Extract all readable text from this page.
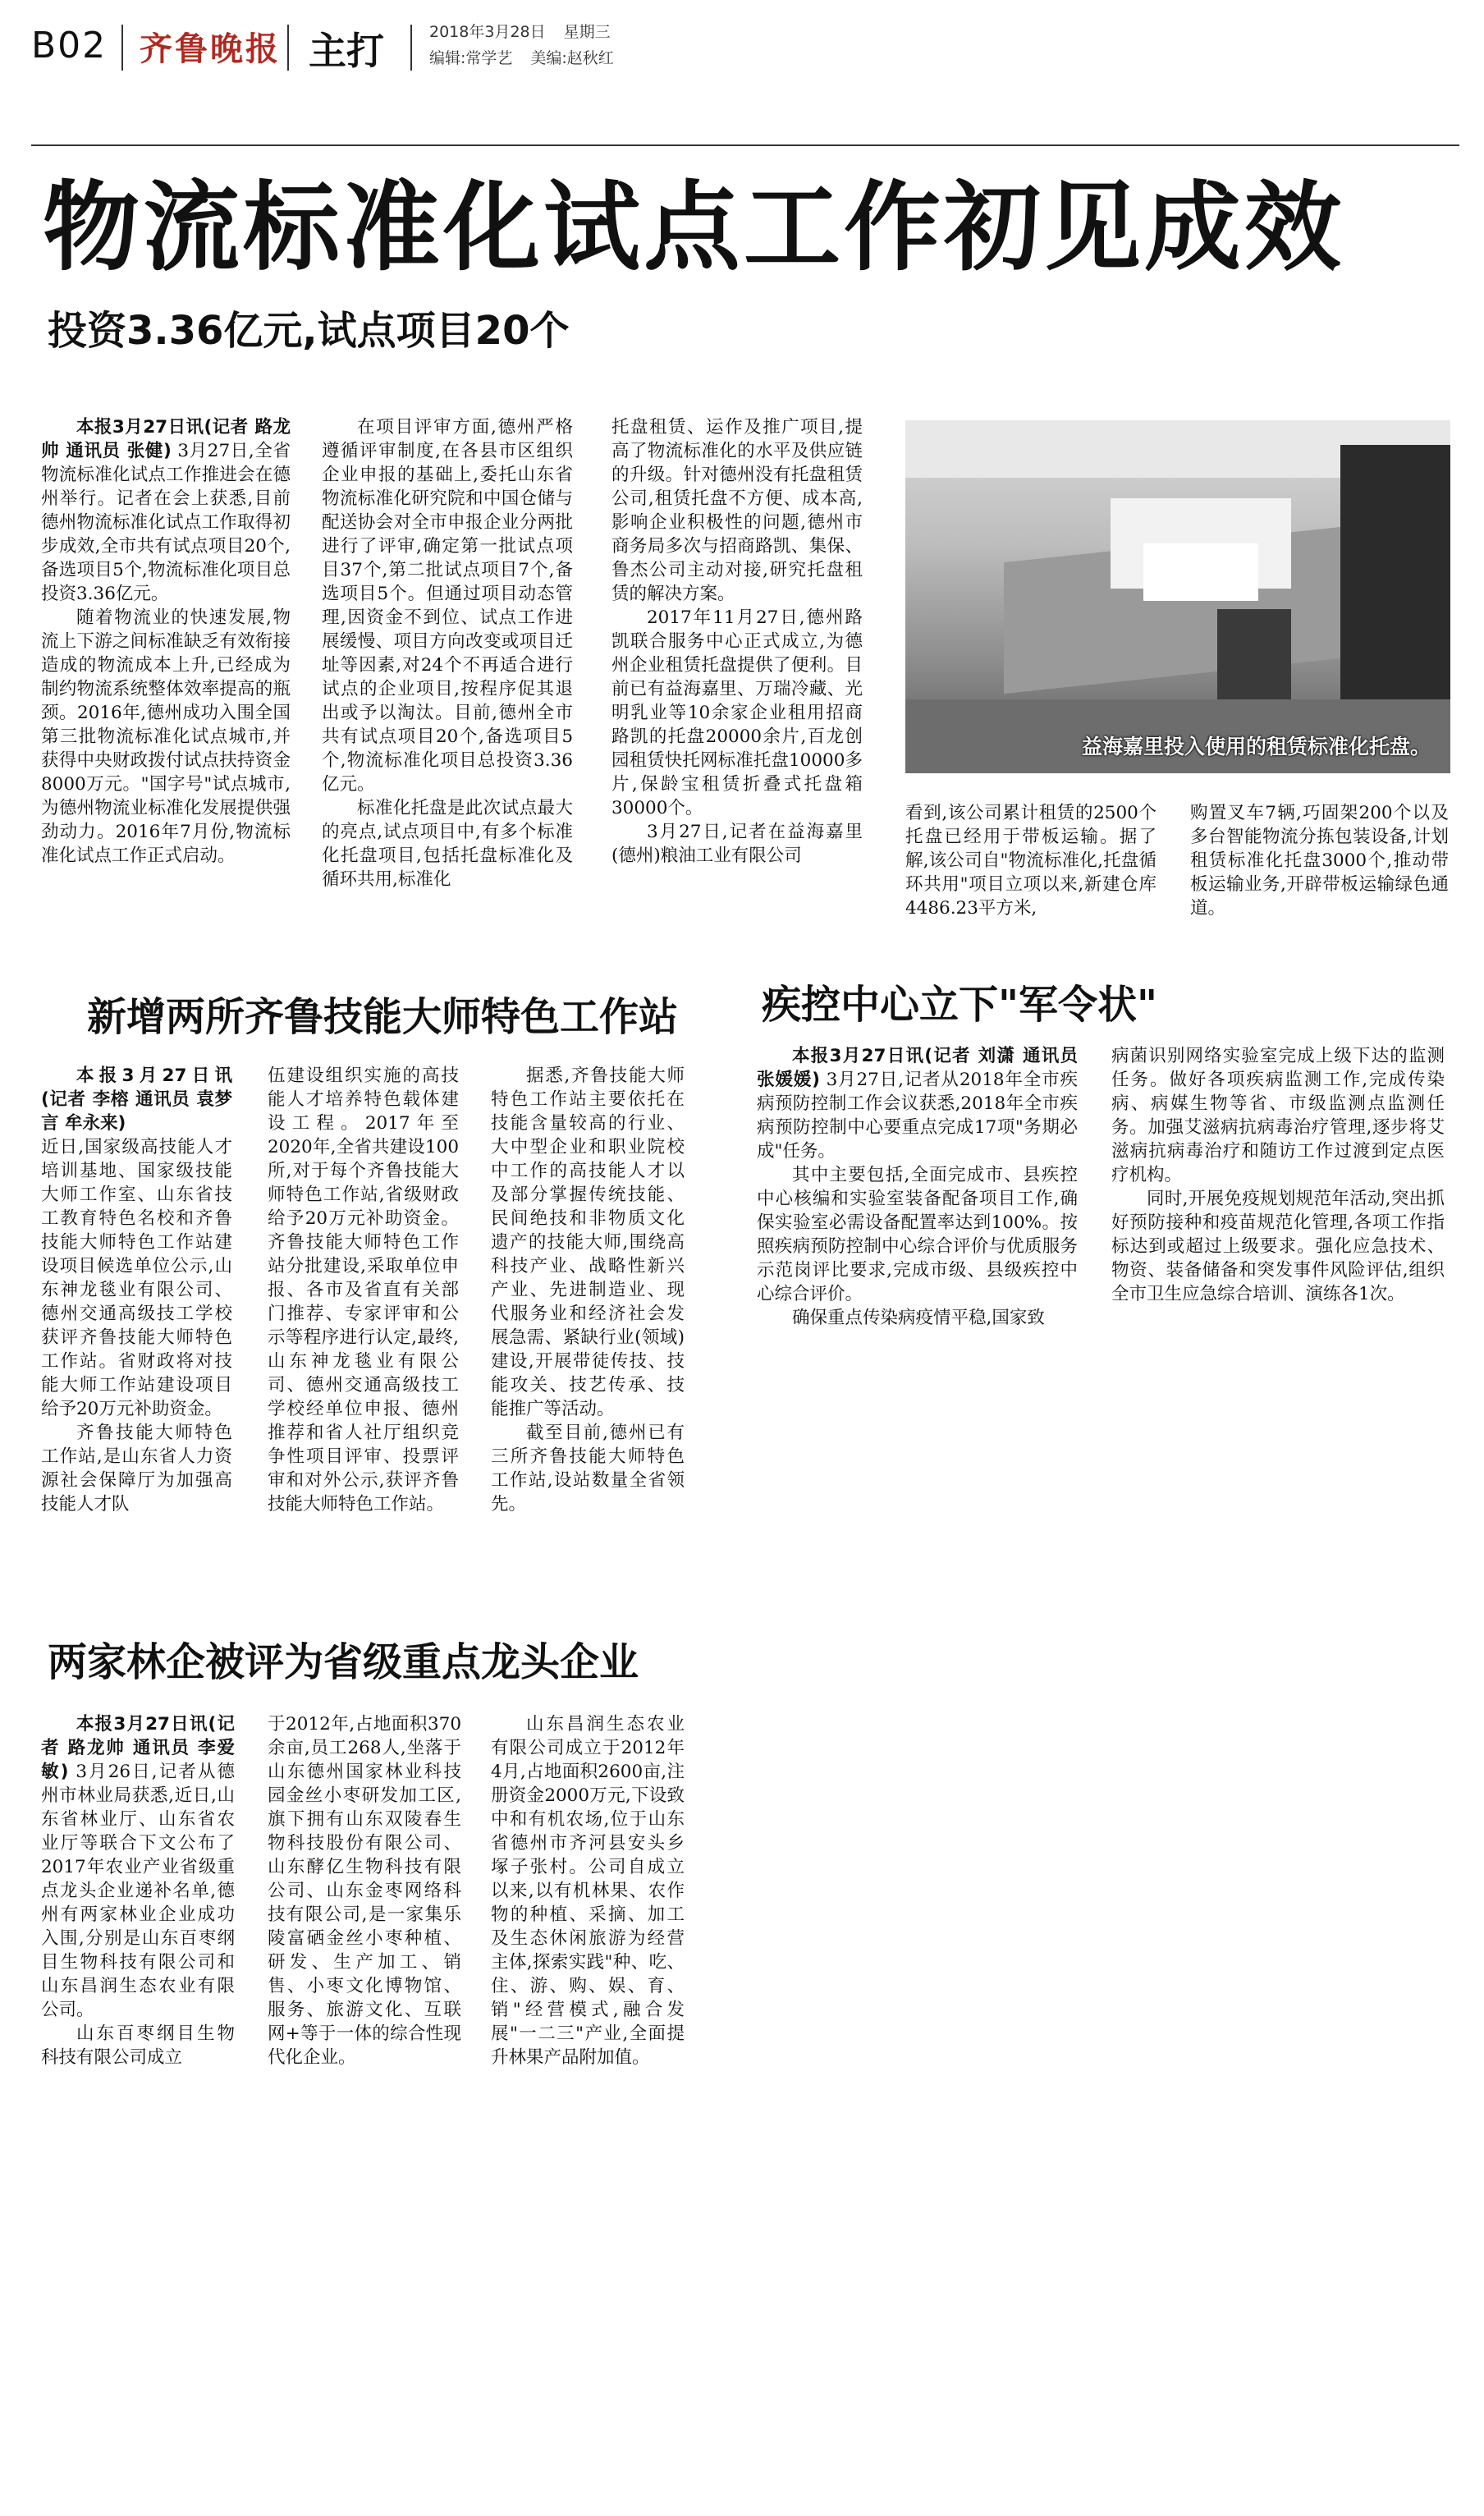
B02 齐鲁晚报 主打	2018年3月28日 星期三
编辑:常学艺 美编:赵秋红
物流标准化试点工作初见成效
投资3.36亿元,试点项目20个

本报3月27日讯(记者 路龙帅 通讯员 张健) 3月27日,全省物流标准化试点工作推进会在德州举行。记者在会上获悉,目前德州物流标准化试点工作取得初步成效,全市共有试点项目20个,备选项目5个,物流标准化项目总投资3.36亿元。

随着物流业的快速发展,物流上下游之间标准缺乏有效衔接造成的物流成本上升,已经成为制约物流系统整体效率提高的瓶颈。2016年,德州成功入围全国第三批物流标准化试点城市,并获得中央财政拨付试点扶持资金8000万元。"国字号"试点城市,为德州物流业标准化发展提供强劲动力。2016年7月份,物流标准化试点工作正式启动。

在项目评审方面,德州严格遵循评审制度,在各县市区组织企业申报的基础上,委托山东省物流标准化研究院和中国仓储与配送协会对全市申报企业分两批进行了评审,确定第一批试点项目37个,第二批试点项目7个,备选项目5个。但通过项目动态管理,因资金不到位、试点工作进展缓慢、项目方向改变或项目迁址等因素,对24个不再适合进行试点的企业项目,按程序促其退出或予以淘汰。目前,德州全市共有试点项目20个,备选项目5个,物流标准化项目总投资3.36亿元。

标准化托盘是此次试点最大的亮点,试点项目中,有多个标准化托盘项目,包括托盘标准化及循环共用,标准化

托盘租赁、运作及推广项目,提高了物流标准化的水平及供应链的升级。针对德州没有托盘租赁公司,租赁托盘不方便、成本高,影响企业积极性的问题,德州市商务局多次与招商路凯、集保、鲁杰公司主动对接,研究托盘租赁的解决方案。

2017年11月27日,德州路凯联合服务中心正式成立,为德州企业租赁托盘提供了便利。目前已有益海嘉里、万瑞冷藏、光明乳业等10余家企业租用招商路凯的托盘20000余片,百龙创园租赁快托网标准托盘10000多片,保龄宝租赁折叠式托盘箱30000个。

3月27日,记者在益海嘉里(德州)粮油工业有限公司

益海嘉里投入使用的租赁标准化托盘。

看到,该公司累计租赁的2500个托盘已经用于带板运输。据了解,该公司自"物流标准化,托盘循环共用"项目立项以来,新建仓库4486.23平方米,

购置叉车7辆,巧固架200个以及多台智能物流分拣包装设备,计划租赁标准化托盘3000个,推动带板运输业务,开辟带板运输绿色通道。

新增两所齐鲁技能大师特色工作站

本报3月27日讯 (记者 李榕 通讯员 袁梦言 牟永来)

近日,国家级高技能人才培训基地、国家级技能大师工作室、山东省技工教育特色名校和齐鲁技能大师特色工作站建设项目候选单位公示,山东神龙毯业有限公司、德州交通高级技工学校获评齐鲁技能大师特色工作站。省财政将对技能大师工作站建设项目给予20万元补助资金。

齐鲁技能大师特色工作站,是山东省人力资源社会保障厅为加强高技能人才队

伍建设组织实施的高技能人才培养特色载体建设工程。2017年至2020年,全省共建设100所,对于每个齐鲁技能大师特色工作站,省级财政给予20万元补助资金。齐鲁技能大师特色工作站分批建设,采取单位申报、各市及省直有关部门推荐、专家评审和公示等程序进行认定,最终,山东神龙毯业有限公司、德州交通高级技工学校经单位申报、德州推荐和省人社厅组织竞争性项目评审、投票评审和对外公示,获评齐鲁技能大师特色工作站。

据悉,齐鲁技能大师特色工作站主要依托在技能含量较高的行业、大中型企业和职业院校中工作的高技能人才以及部分掌握传统技能、民间绝技和非物质文化遗产的技能大师,围绕高科技产业、战略性新兴产业、先进制造业、现代服务业和经济社会发展急需、紧缺行业(领域)建设,开展带徒传技、技能攻关、技艺传承、技能推广等活动。

截至目前,德州已有三所齐鲁技能大师特色工作站,设站数量全省领先。

疾控中心立下"军令状"

本报3月27日讯(记者 刘潇 通讯员 张媛媛) 3月27日,记者从2018年全市疾病预防控制工作会议获悉,2018年全市疾病预防控制中心要重点完成17项"务期必成"任务。

其中主要包括,全面完成市、县疾控中心核编和实验室装备配备项目工作,确保实验室必需设备配置率达到100%。按照疾病预防控制中心综合评价与优质服务示范岗评比要求,完成市级、县级疾控中心综合评价。

确保重点传染病疫情平稳,国家致

病菌识别网络实验室完成上级下达的监测任务。做好各项疾病监测工作,完成传染病、病媒生物等省、市级监测点监测任务。加强艾滋病抗病毒治疗管理,逐步将艾滋病抗病毒治疗和随访工作过渡到定点医疗机构。

同时,开展免疫规划规范年活动,突出抓好预防接种和疫苗规范化管理,各项工作指标达到或超过上级要求。强化应急技术、物资、装备储备和突发事件风险评估,组织全市卫生应急综合培训、演练各1次。

两家林企被评为省级重点龙头企业

本报3月27日讯(记者 路龙帅 通讯员 李爱敏) 3月26日,记者从德州市林业局获悉,近日,山东省林业厅、山东省农业厅等联合下文公布了2017年农业产业省级重点龙头企业递补名单,德州有两家林业企业成功入围,分别是山东百枣纲目生物科技有限公司和山东昌润生态农业有限公司。

山东百枣纲目生物科技有限公司成立

于2012年,占地面积370余亩,员工268人,坐落于山东德州国家林业科技园金丝小枣研发加工区,旗下拥有山东双陵春生物科技股份有限公司、山东酵亿生物科技有限公司、山东金枣网络科技有限公司,是一家集乐陵富硒金丝小枣种植、研发、生产加工、销售、小枣文化博物馆、服务、旅游文化、互联网+等于一体的综合性现代化企业。

山东昌润生态农业有限公司成立于2012年4月,占地面积2600亩,注册资金2000万元,下设致中和有机农场,位于山东省德州市齐河县安头乡塚子张村。公司自成立以来,以有机林果、农作物的种植、采摘、加工及生态休闲旅游为经营主体,探索实践"种、吃、住、游、购、娱、育、销"经营模式,融合发展"一二三"产业,全面提升林果产品附加值。
